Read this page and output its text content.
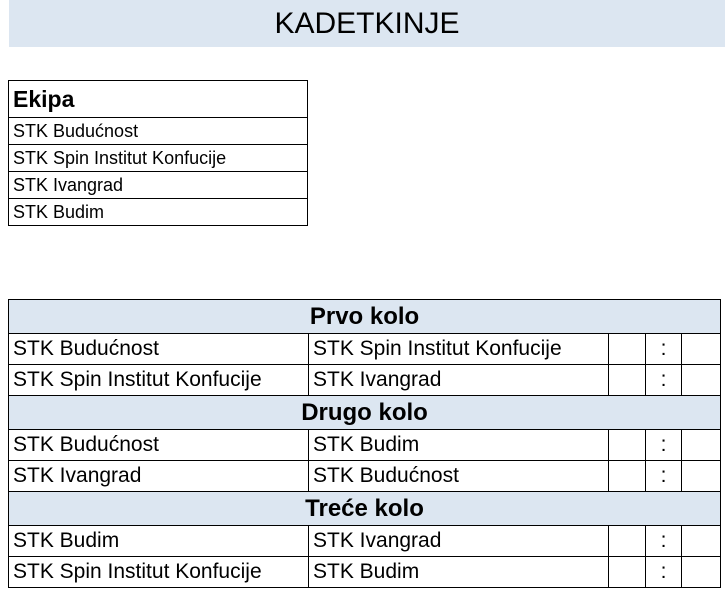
KADETKINJE
Ekipa
STK Budućnost
STK Spin Institut Konfucije
STK Ivangrad
STK Budim
Prvo kolo				
STK Budućnost	STK Spin Institut Konfucije		:	
STK Spin Institut Konfucije	STK Ivangrad		:	
Drugo kolo				
STK Budućnost	STK Budim		:	
STK Ivangrad	STK Budućnost		:	
Treće kolo				
STK Budim	STK Ivangrad		:	
STK Spin Institut Konfucije	STK Budim		:	
